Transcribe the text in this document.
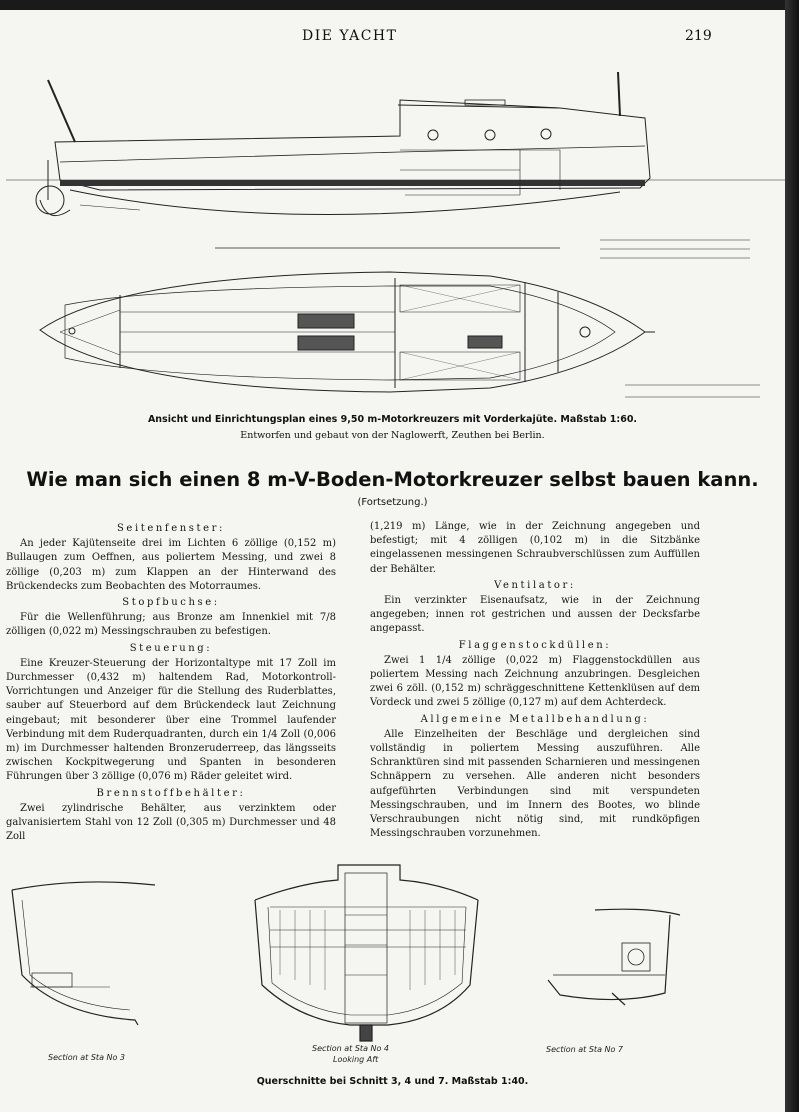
DIE YACHT	219
Ansicht und Einrichtungsplan eines 9,50 m-Motorkreuzers mit Vorderkajüte. Maßstab 1:60.
Entworfen und gebaut von der Naglowerft, Zeuthen bei Berlin.
Wie man sich einen 8 m-V-Boden-Motorkreuzer selbst bauen kann.
(Fortsetzung.)
Seitenfenster:

An jeder Kajütenseite drei im Lichten 6 zöllige (0,152 m) Bullaugen zum Oeffnen, aus poliertem Messing, und zwei 8 zöllige (0,203 m) zum Klappen an der Hinterwand des Brückendecks zum Beobachten des Motorraumes.

Stopfbuchse:

Für die Wellenführung; aus Bronze am Innenkiel mit 7/8 zölligen (0,022 m) Messingschrauben zu befestigen.

Steuerung:

Eine Kreuzer-Steuerung der Horizontaltype mit 17 Zoll im Durchmesser (0,432 m) haltendem Rad, Motorkontroll-Vorrichtungen und Anzeiger für die Stellung des Ruderblattes, sauber auf Steuerbord auf dem Brückendeck laut Zeichnung eingebaut; mit besonderer über eine Trommel laufender Verbindung mit dem Ruderquadranten, durch ein 1/4 Zoll (0,006 m) im Durchmesser haltenden Bronzeruderreep, das längsseits zwischen Kockpitwegerung und Spanten in besonderen Führungen über 3 zöllige (0,076 m) Räder geleitet wird.

Brennstoffbehälter:

Zwei zylindrische Behälter, aus verzinktem oder galvanisiertem Stahl von 12 Zoll (0,305 m) Durchmesser und 48 Zoll

(1,219 m) Länge, wie in der Zeichnung angegeben und befestigt; mit 4 zölligen (0,102 m) in die Sitzbänke eingelassenen messingenen Schraubverschlüssen zum Auffüllen der Behälter.

Ventilator:

Ein verzinkter Eisenaufsatz, wie in der Zeichnung angegeben; innen rot gestrichen und aussen der Decksfarbe angepasst.

Flaggenstockdüllen:

Zwei 1 1/4 zöllige (0,022 m) Flaggenstockdüllen aus poliertem Messing nach Zeichnung anzubringen. Desgleichen zwei 6 zöll. (0,152 m) schräggeschnittene Kettenklüsen auf dem Vordeck und zwei 5 zöllige (0,127 m) auf dem Achterdeck.

Allgemeine Metallbehandlung:

Alle Einzelheiten der Beschläge und dergleichen sind vollständig in poliertem Messing auszuführen. Alle Schranktüren sind mit passenden Scharnieren und messingenen Schnäppern zu versehen. Alle anderen nicht besonders aufgeführten Verbindungen sind mit verspundeten Messingschrauben, und im Innern des Bootes, wo blinde Verschraubungen nicht nötig sind, mit rundköpfigen Messingschrauben vorzunehmen.

Section at Sta No 3
Section at Sta No 4
Looking Aft
Section at Sta No 7
Querschnitte bei Schnitt 3, 4 und 7. Maßstab 1:40.
